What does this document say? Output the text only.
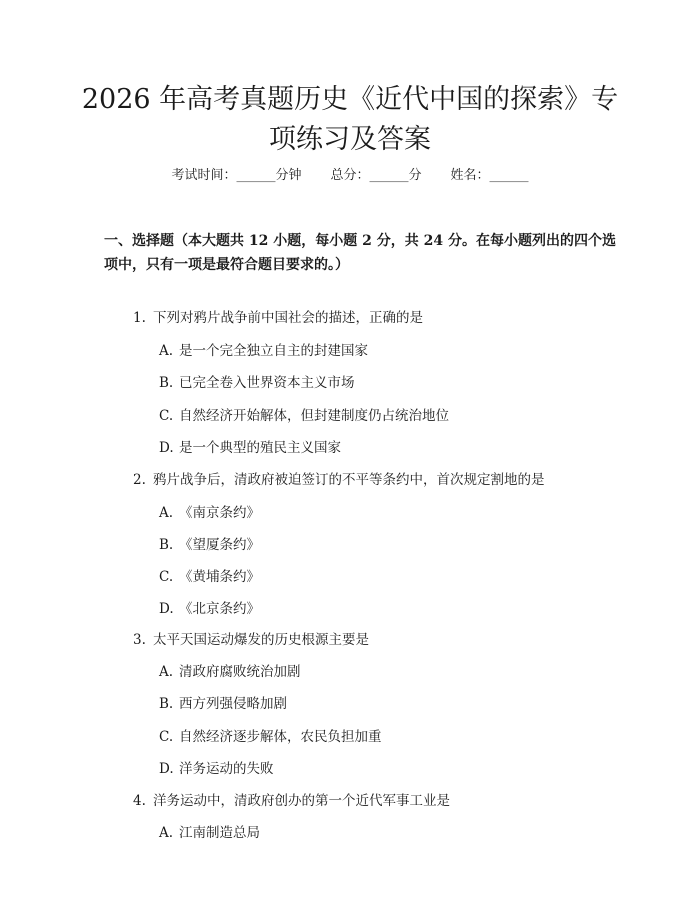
2026 年高考真题历史《近代中国的探索》专
项练习及答案
考试时间：______分钟 总分：______分 姓名：______
一、选择题（本大题共 12 小题，每小题 2 分，共 24 分。在每小题列出的四个选
项中，只有一项是最符合题目要求的。）
1. 下列对鸦片战争前中国社会的描述，正确的是
A. 是一个完全独立自主的封建国家
B. 已完全卷入世界资本主义市场
C. 自然经济开始解体，但封建制度仍占统治地位
D. 是一个典型的殖民主义国家
2. 鸦片战争后，清政府被迫签订的不平等条约中，首次规定割地的是
A. 《南京条约》
B. 《望厦条约》
C. 《黄埔条约》
D. 《北京条约》
3. 太平天国运动爆发的历史根源主要是
A. 清政府腐败统治加剧
B. 西方列强侵略加剧
C. 自然经济逐步解体，农民负担加重
D. 洋务运动的失败
4. 洋务运动中，清政府创办的第一个近代军事工业是
A. 江南制造总局
